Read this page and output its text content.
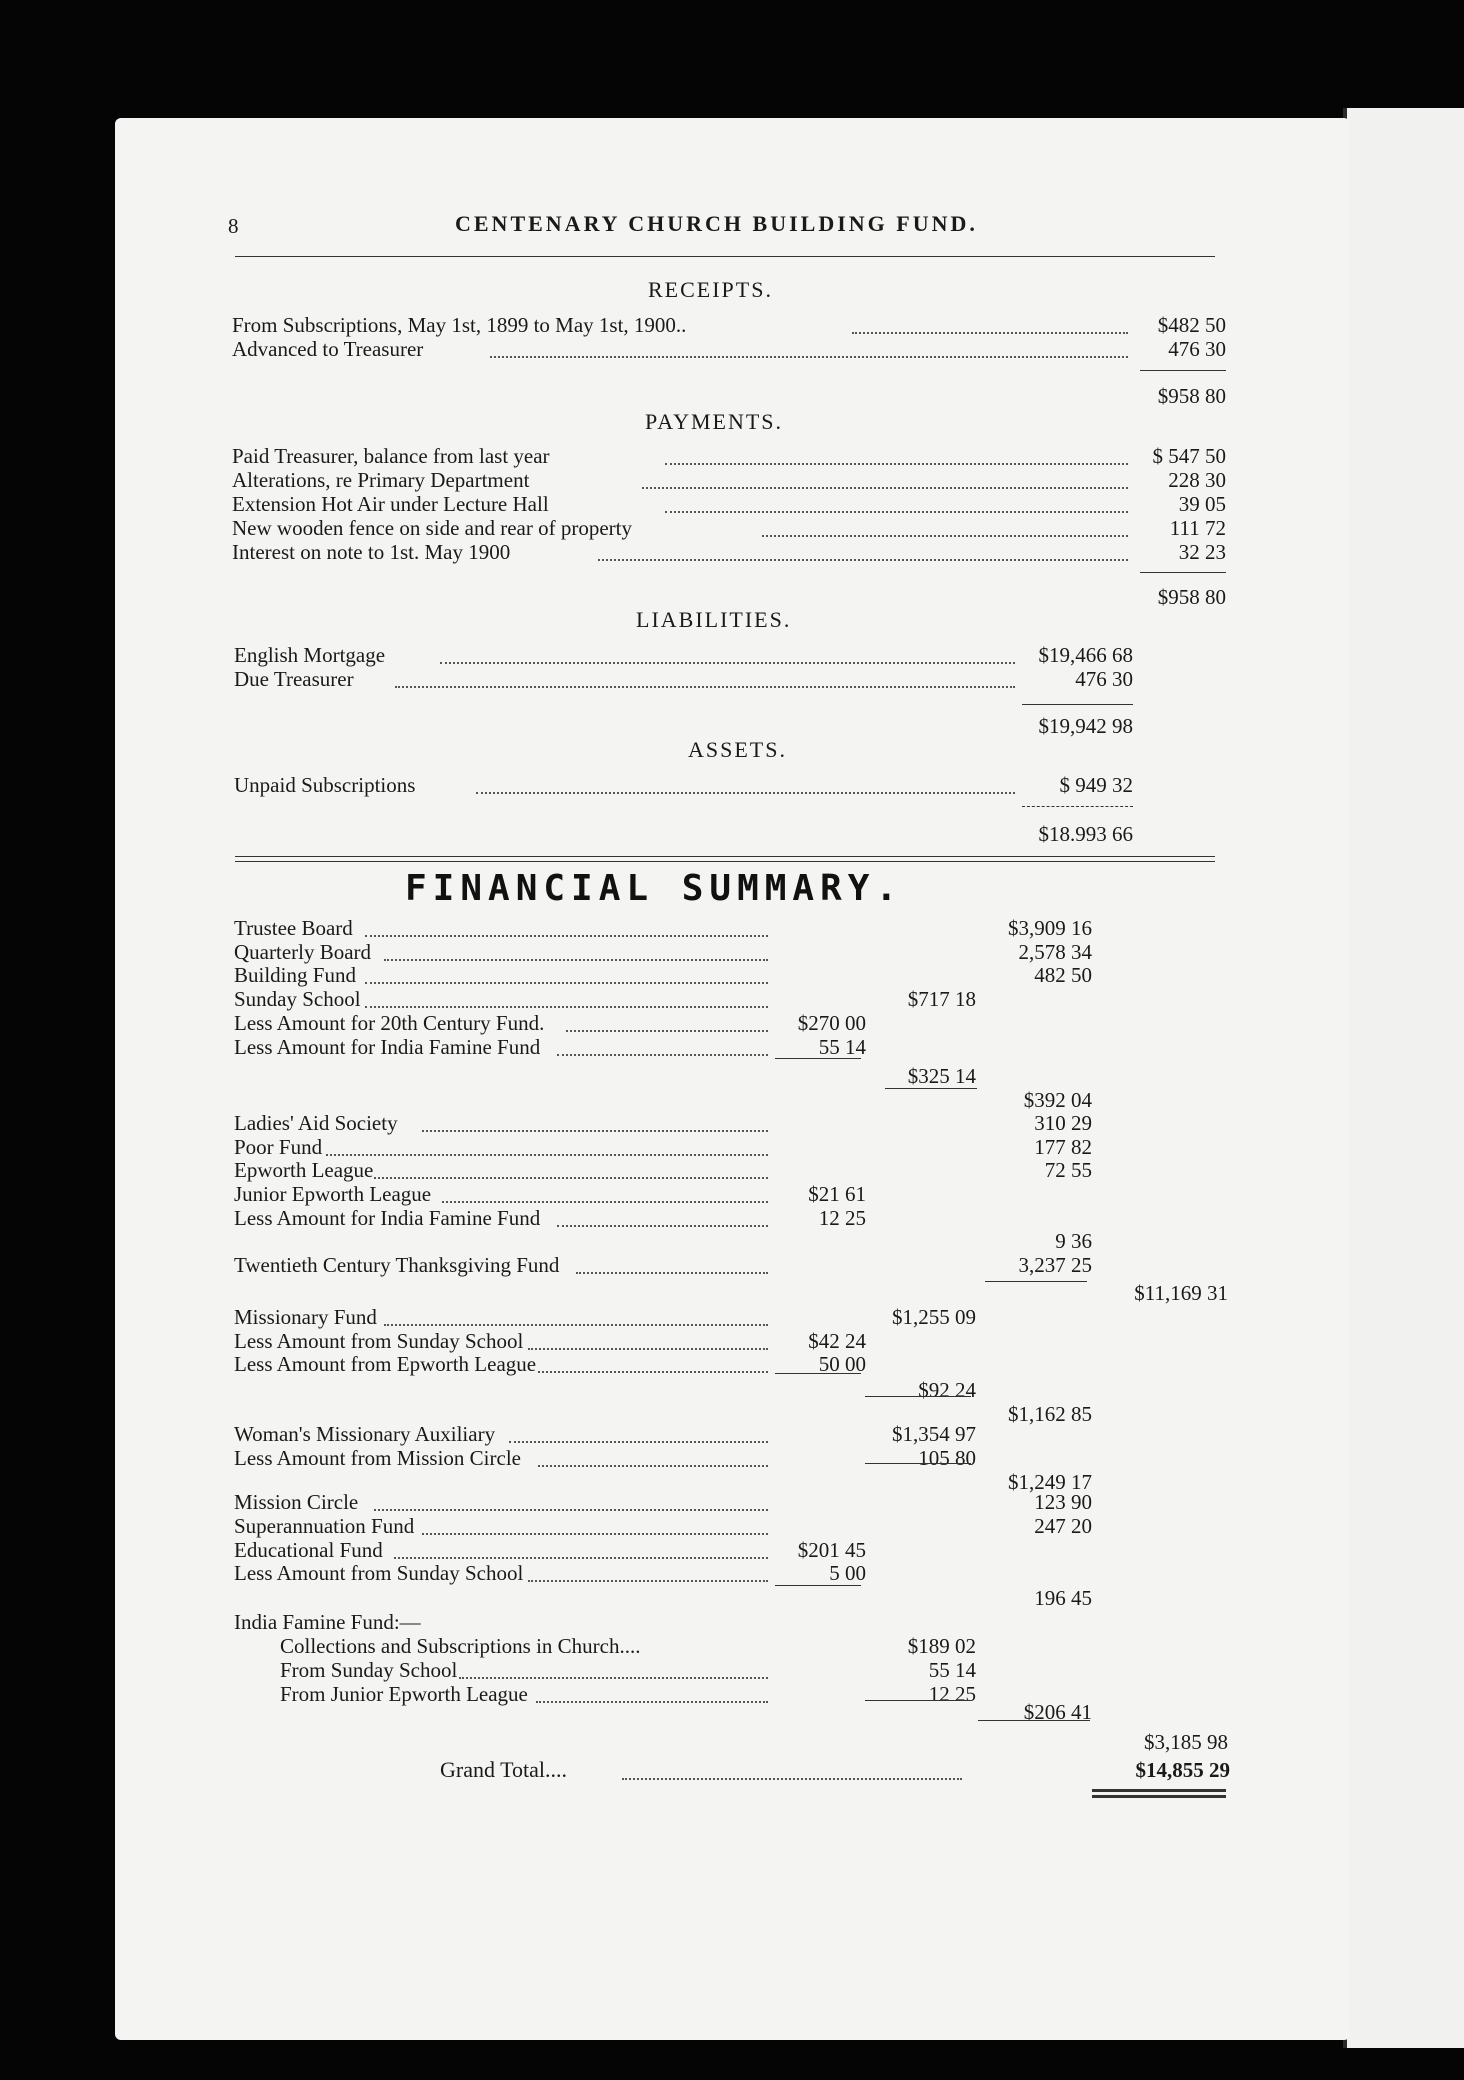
8	CENTENARY CHURCH BUILDING FUND.
RECEIPTS.
From Subscriptions, May 1st, 1899 to May 1st, 1900..	$482 50
Advanced to Treasurer	476 30
$958 80
PAYMENTS.
Paid Treasurer, balance from last year	$ 547 50
Alterations, re Primary Department	228 30
Extension Hot Air under Lecture Hall	39 05
New wooden fence on side and rear of property	111 72
Interest on note to 1st. May 1900	32 23
$958 80
LIABILITIES.
English Mortgage	$19,466 68
Due Treasurer	476 30
$19,942 98
ASSETS.
Unpaid Subscriptions	$ 949 32
$18.993 66
FINANCIAL SUMMARY.
Trustee Board	$3,909 16
Quarterly Board	2,578 34
Building Fund	482 50
Sunday School	$717 18
Less Amount for 20th Century Fund.	$270 00
Less Amount for India Famine Fund	55 14
$325 14
$392 04
Ladies' Aid Society	310 29
Poor Fund	177 82
Epworth League	72 55
Junior Epworth League	$21 61
Less Amount for India Famine Fund	12 25
9 36
Twentieth Century Thanksgiving Fund	3,237 25
$11,169 31
Missionary Fund	$1,255 09
Less Amount from Sunday School	$42 24
Less Amount from Epworth League	50 00
$92 24
$1,162 85
Woman's Missionary Auxiliary	$1,354 97
Less Amount from Mission Circle	105 80
$1,249 17
Mission Circle	123 90
Superannuation Fund	247 20
Educational Fund	$201 45
Less Amount from Sunday School	5 00
196 45
India Famine Fund:—
Collections and Subscriptions in Church....	$189 02
From Sunday School	55 14
From Junior Epworth League	12 25
$206 41
$3,185 98
Grand Total....	$14,855 29
